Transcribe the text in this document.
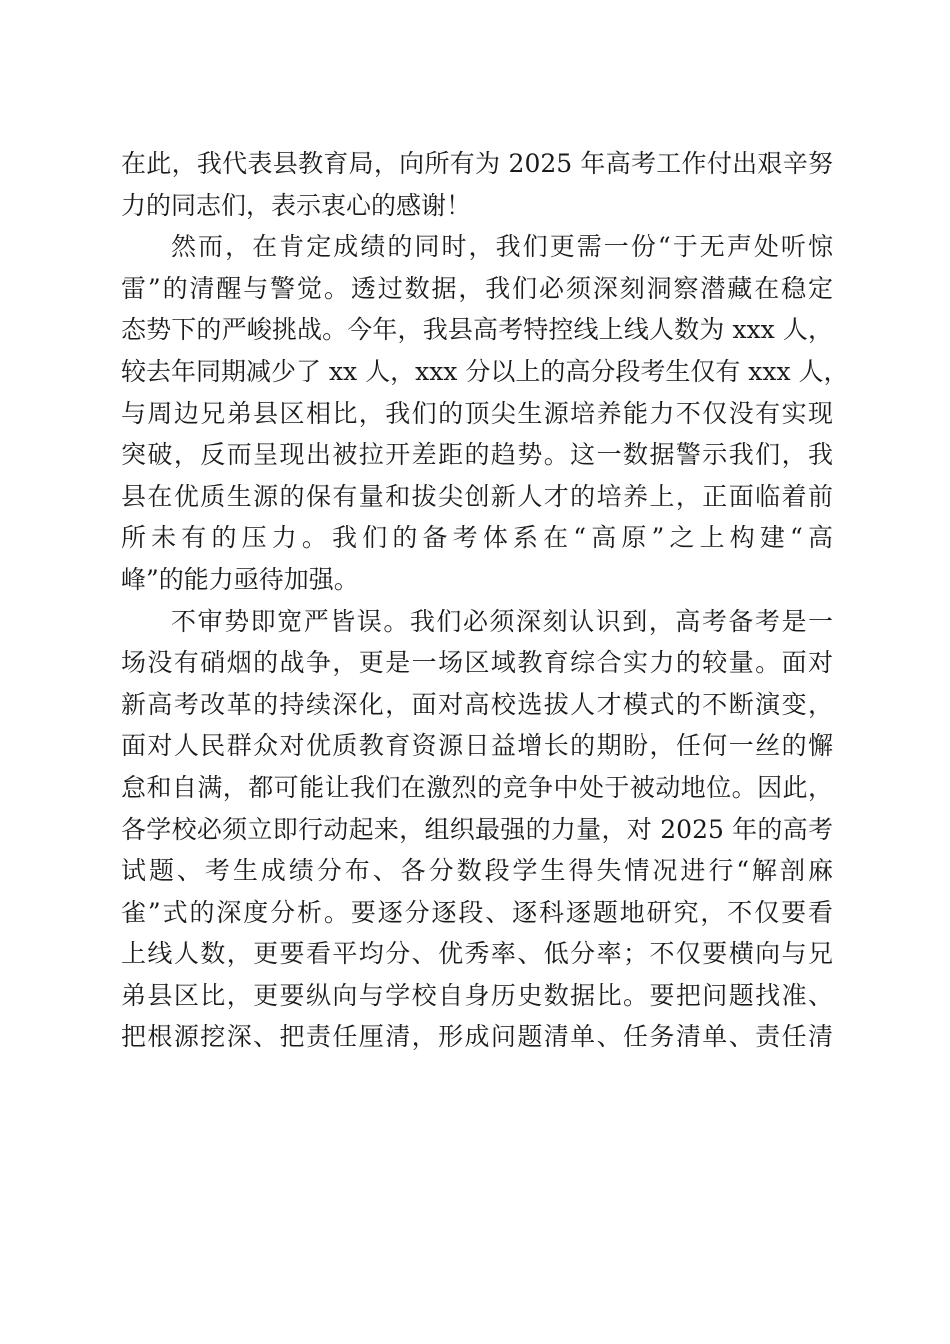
在此，我代表县教育局，向所有为 2025 年高考工作付出艰辛努
力的同志们，表示衷心的感谢！
然而，在肯定成绩的同时，我们更需一份“于无声处听惊
雷”的清醒与警觉。透过数据，我们必须深刻洞察潜藏在稳定
态势下的严峻挑战。今年，我县高考特控线上线人数为 xxx 人，
较去年同期减少了 xx 人，xxx 分以上的高分段考生仅有 xxx 人，
与周边兄弟县区相比，我们的顶尖生源培养能力不仅没有实现
突破，反而呈现出被拉开差距的趋势。这一数据警示我们，我
县在优质生源的保有量和拔尖创新人才的培养上，正面临着前
所未有的压力。我们的备考体系在“高原”之上构建“高
峰”的能力亟待加强。
不审势即宽严皆误。我们必须深刻认识到，高考备考是一
场没有硝烟的战争，更是一场区域教育综合实力的较量。面对
新高考改革的持续深化，面对高校选拔人才模式的不断演变，
面对人民群众对优质教育资源日益增长的期盼，任何一丝的懈
怠和自满，都可能让我们在激烈的竞争中处于被动地位。因此，
各学校必须立即行动起来，组织最强的力量，对 2025 年的高考
试题、考生成绩分布、各分数段学生得失情况进行“解剖麻
雀”式的深度分析。要逐分逐段、逐科逐题地研究，不仅要看
上线人数，更要看平均分、优秀率、低分率；不仅要横向与兄
弟县区比，更要纵向与学校自身历史数据比。要把问题找准、
把根源挖深、把责任厘清，形成问题清单、任务清单、责任清
